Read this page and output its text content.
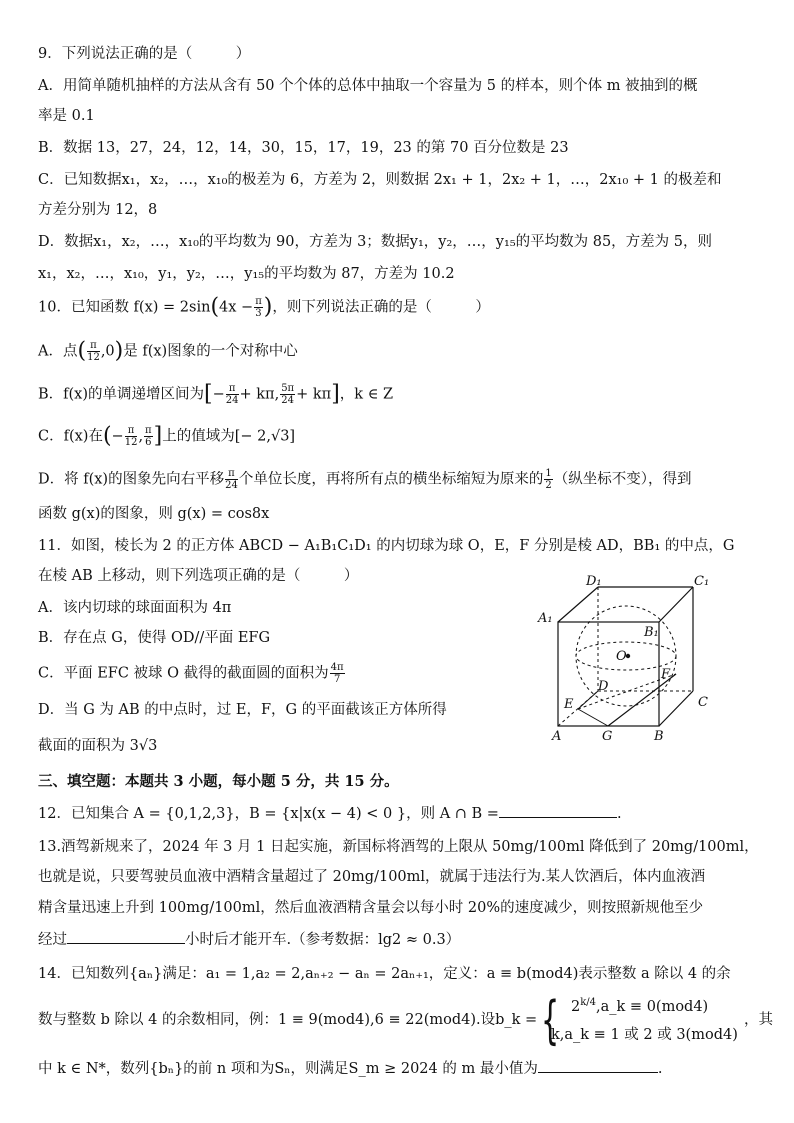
9．下列说法正确的是（　　　）
A．用简单随机抽样的方法从含有 50 个个体的总体中抽取一个容量为 5 的样本，则个体 m 被抽到的概
率是 0.1
B．数据 13，27，24，12，14，30，15，17，19，23 的第 70 百分位数是 23
C．已知数据x₁，x₂，…，x₁₀的极差为 6，方差为 2，则数据 2x₁ + 1，2x₂ + 1，…，2x₁₀ + 1 的极差和
方差分别为 12，8
D．数据x₁，x₂，…，x₁₀的平均数为 90，方差为 3；数据y₁，y₂，…，y₁₅的平均数为 85，方差为 5，则
x₁，x₂，…，x₁₀，y₁，y₂，…，y₁₅的平均数为 87，方差为 10.2
10．已知函数 $f(x) = 2\sin(4x - \frac{\pi}{3}$ )，则下列说法正确的是（　　　）
A．点( $\frac{\pi}{12} ,0$)是 f(x)图象的一个对称中心
B．f(x)的单调递增区间为[− $\frac{\pi}{24} + k\pi$, $\frac{5\pi}{24} + k\pi$]，k ∈ Z
C．f(x)在(− $\frac{\pi}{12}$ , $\frac{\pi}{6}$ ]上的值域为[− 2,√3]
D．将 f(x)的图象先向右平移 $\frac{\pi}{24}$ 个单位长度，再将所有点的横坐标缩短为原来的 $\frac{1}{2}$ （纵坐标不变），得到
函数 g(x)的图象，则 g(x) = cos8x
11．如图，棱长为 2 的正方体 ABCD − A₁B₁C₁D₁ 的内切球为球 O，E，F 分别是棱 AD，BB₁ 的中点，G
在棱 AB 上移动，则下列选项正确的是（　　　）
A．该内切球的球面面积为 4π
B．存在点 G，使得 OD//平面 EFG
C．平面 EFC 被球 O 截得的截面圆的面积为 $\frac{4\pi}{7}$
D．当 G 为 AB 的中点时，过 E，F，G 的平面截该正方体所得
截面的面积为 3√3
D₁	C₁
A₁
B₁
O
D
F
C
E
A	G	B
三、填空题：本题共 3 小题，每小题 5 分，共 15 分。
12．已知集合 A = {0,1,2,3}，B = {x|x(x − 4) < 0 }，则 A ∩ B =	.
13.酒驾新规来了，2024 年 3 月 1 日起实施，新国标将酒驾的上限从 50mg/100ml 降低到了 20mg/100ml，
也就是说，只要驾驶员血液中酒精含量超过了 20mg/100ml，就属于违法行为.某人饮酒后，体内血液酒
精含量迅速上升到 100mg/100ml，然后血液酒精含量会以每小时 20%的速度减少，则按照新规他至少
经过	小时后才能开车.（参考数据：lg2 ≈ 0.3）
14．已知数列{aₙ}满足：a₁ = 1,a₂ = 2,aₙ₊₂ − aₙ = 2aₙ₊₁，定义：a ≡ b(mod4)表示整数 a 除以 4 的余
数与整数 b 除以 4 的余数相同，例：1 ≡ 9(mod4),6 ≡ 22(mod4).设b_k = { $2^{k/4},a\_k \equiv 0(mod4)$
k,a_k ≡ 1 或 2 或 3(mod4)
，其
中 k ∈ N*，数列{bₙ}的前 n 项和为Sₙ，则满足S_m ≥ 2024 的 m 最小值为	.
